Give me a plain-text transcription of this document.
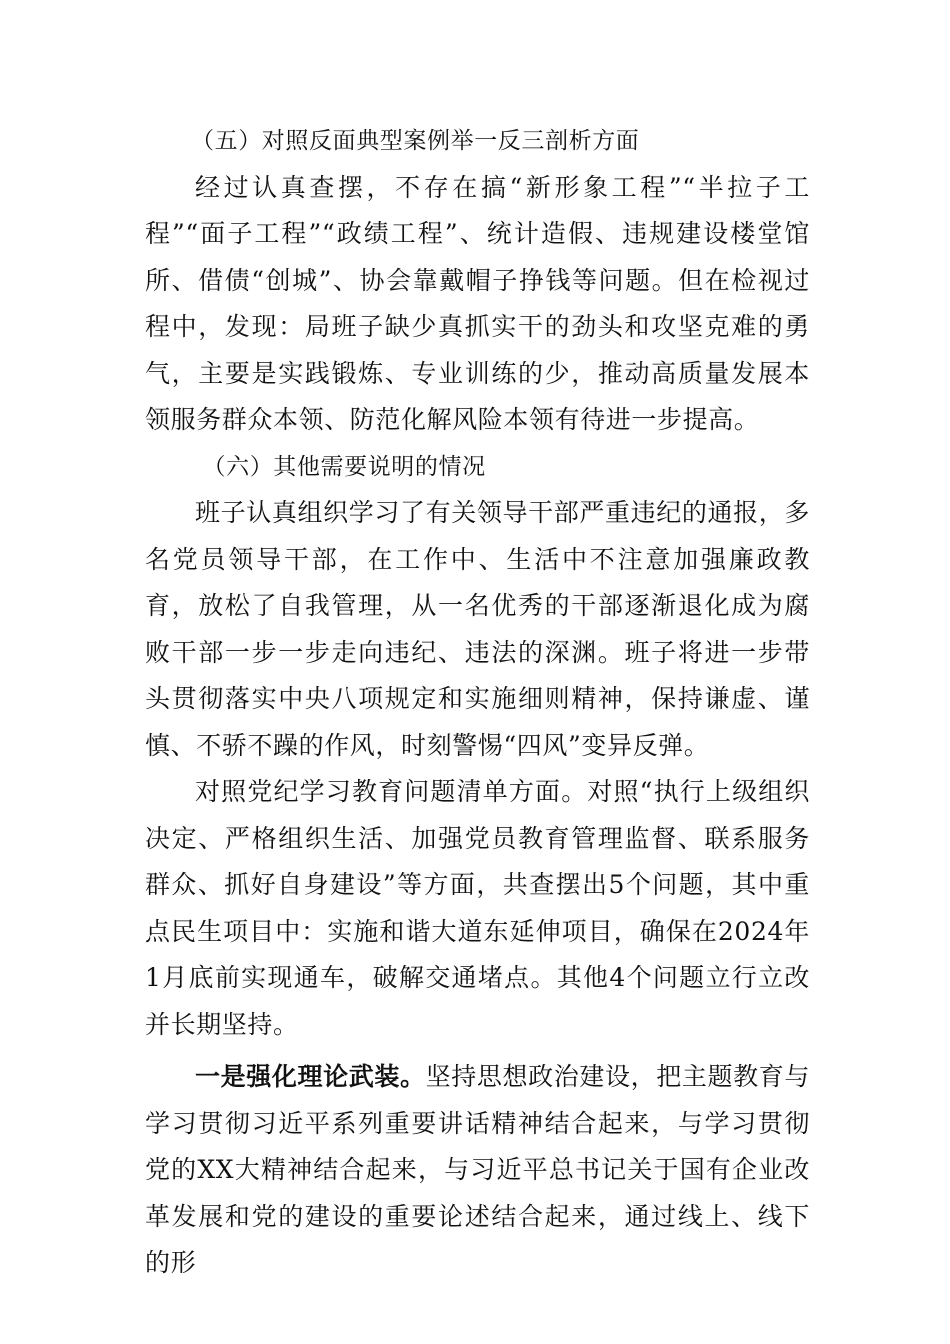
（五）对照反面典型案例举一反三剖析方面

经过认真查摆，不存在搞“新形象工程”“半拉子工程”“面子工程”“政绩工程”、统计造假、违规建设楼堂馆所、借债“创城”、协会靠戴帽子挣钱等问题。但在检视过程中，发现：局班子缺少真抓实干的劲头和攻坚克难的勇气，主要是实践锻炼、专业训练的少，推动高质量发展本领服务群众本领、防范化解风险本领有待进一步提高。

（六）其他需要说明的情况

班子认真组织学习了有关领导干部严重违纪的通报，多名党员领导干部，在工作中、生活中不注意加强廉政教育，放松了自我管理，从一名优秀的干部逐渐退化成为腐败干部一步一步走向违纪、违法的深渊。班子将进一步带头贯彻落实中央八项规定和实施细则精神，保持谦虚、谨慎、不骄不躁的作风，时刻警惕“四风”变异反弹。

对照党纪学习教育问题清单方面。对照“执行上级组织决定、严格组织生活、加强党员教育管理监督、联系服务群众、抓好自身建设”等方面，共查摆出5个问题，其中重点民生项目中：实施和谐大道东延伸项目，确保在2024年1月底前实现通车，破解交通堵点。其他4个问题立行立改并长期坚持。

一是强化理论武装。坚持思想政治建设，把主题教育与学习贯彻习近平系列重要讲话精神结合起来，与学习贯彻党的XX大精神结合起来，与习近平总书记关于国有企业改革发展和党的建设的重要论述结合起来，通过线上、线下的形
